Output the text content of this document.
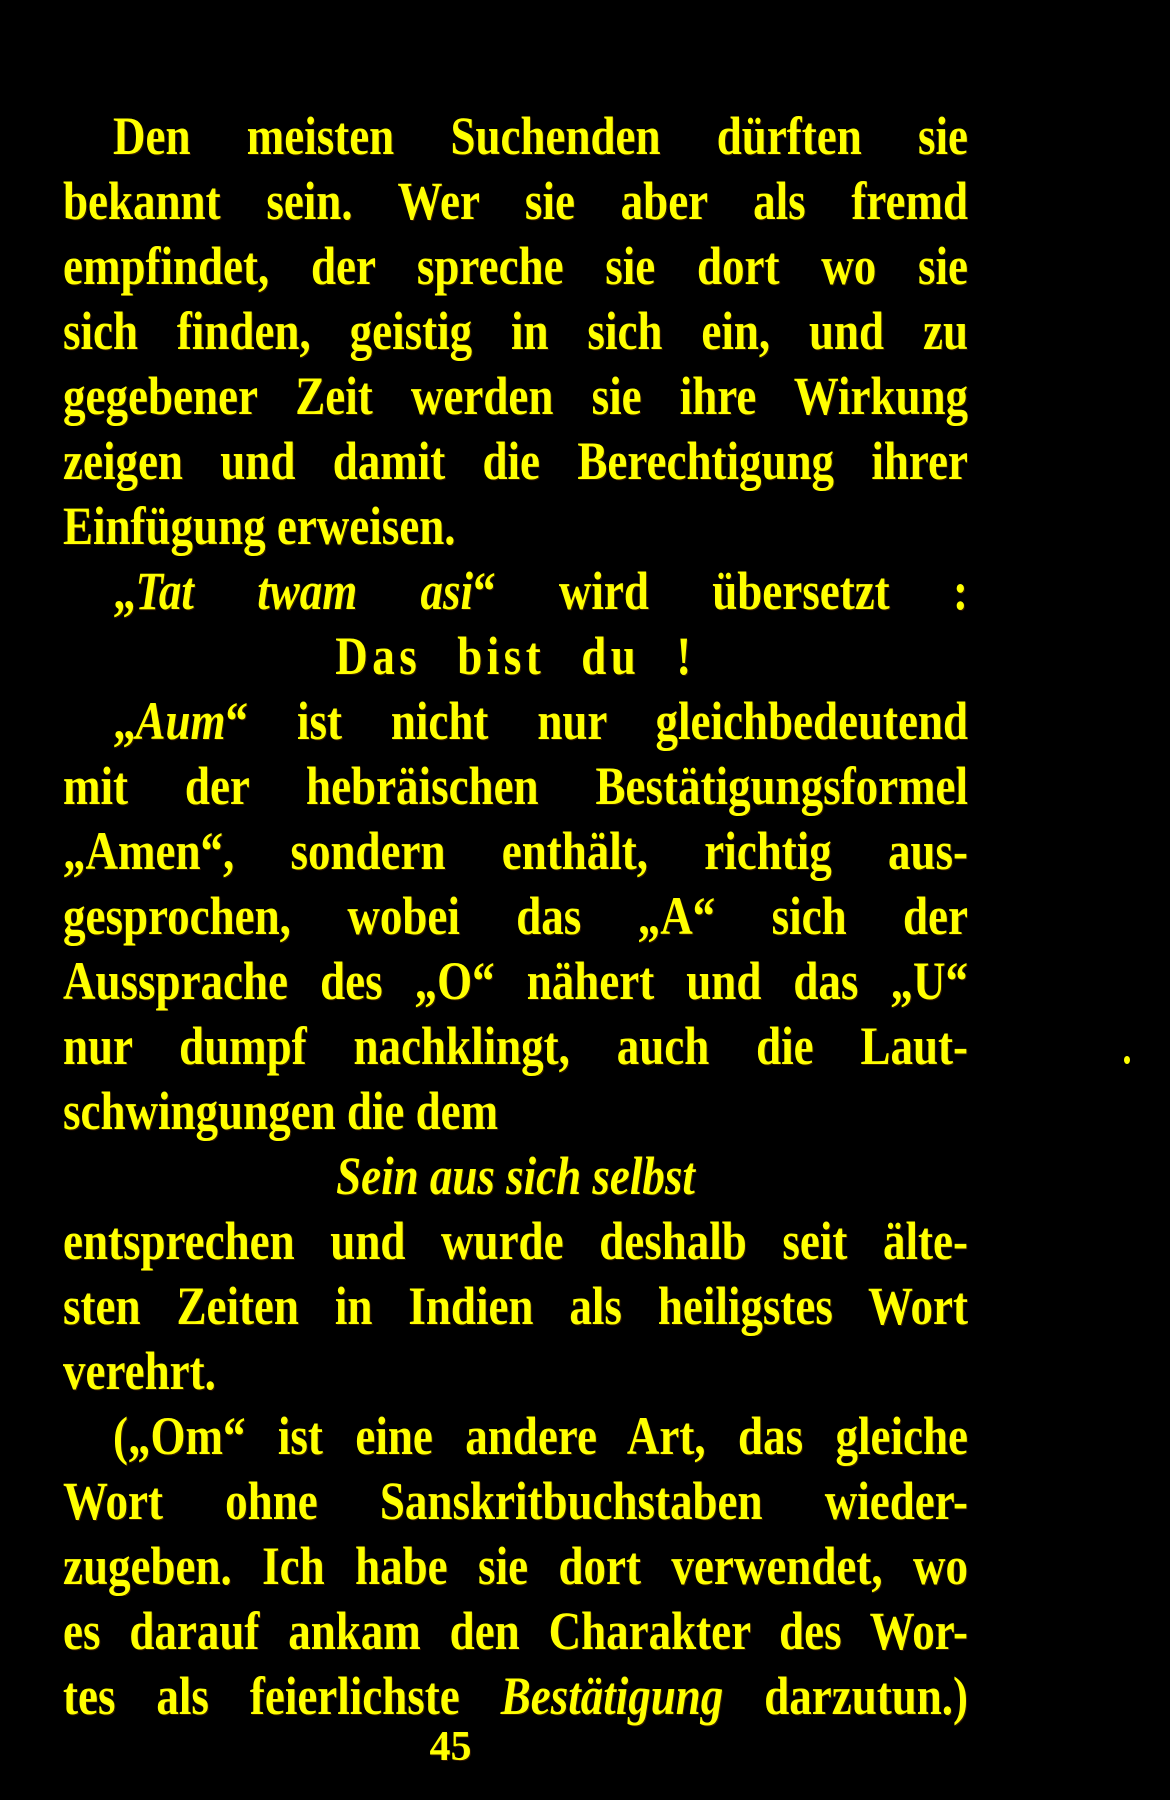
Den meisten Suchenden dürften sie
bekannt sein. Wer sie aber als fremd
empfindet, der spreche sie dort wo sie
sich finden, geistig in sich ein, und zu
gegebener Zeit werden sie ihre Wirkung
zeigen und damit die Berechtigung ihrer
Einfügung erweisen.
„Tat twam asi“ wird übersetzt :
Das bist du !
„Aum“ ist nicht nur gleichbedeutend
mit der hebräischen Bestätigungsformel
„Amen“, sondern enthält, richtig aus-
gesprochen, wobei das „A“ sich der
Aussprache des „O“ nähert und das „U“
nur dumpf nachklingt, auch die Laut-
schwingungen die dem
Sein aus sich selbst
entsprechen und wurde deshalb seit älte-
sten Zeiten in Indien als heiligstes Wort
verehrt.
(„Om“ ist eine andere Art, das gleiche
Wort ohne Sanskritbuchstaben wieder-
zugeben. Ich habe sie dort verwendet, wo
es darauf ankam den Charakter des Wor-
tes als feierlichste Bestätigung darzutun.)
45
